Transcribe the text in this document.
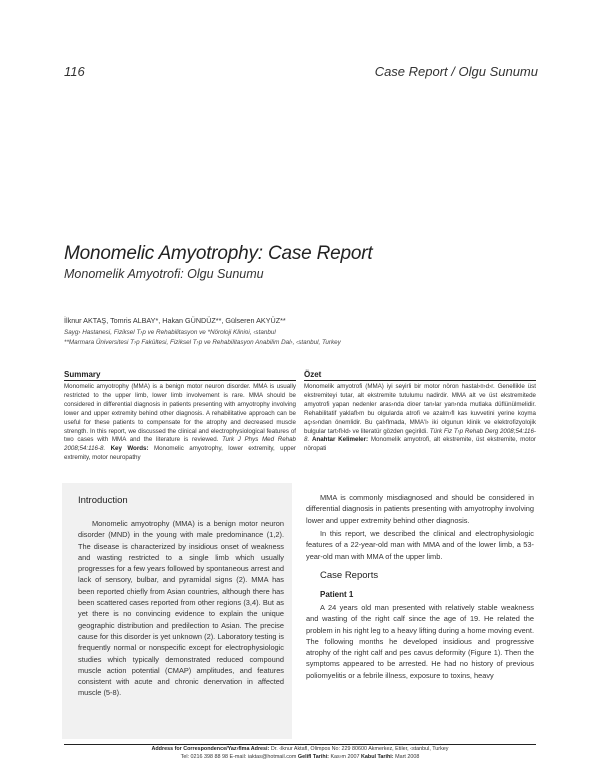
116	Case Report / Olgu Sunumu
Monomelic Amyotrophy: Case Report
Monomelik Amyotrofi: Olgu Sunumu
İlknur AKTAŞ, Tomris ALBAY*, Hakan GÜNDÜZ**, Gülseren AKYÜZ**
Sayg› Hastanesi, Fiziksel T›p ve Rehabilitasyon ve *Nöroloji Klini¤i, ‹stanbul
**Marmara Üniversitesi T›p Fakültesi, Fiziksel T›p ve Rehabilitasyon Anabilim Dal›, ‹stanbul, Turkey
Summary
Monomelic amyotrophy (MMA) is a benign motor neuron disorder. MMA is usually restricted to the upper limb, lower limb involvement is rare. MMA should be considered in differential diagnosis in patients presenting with amyotrophy involving lower and upper extremity behind other diagnosis. A rehabilitative approach can be useful for these patients to compensate for the atrophy and decreased muscle strength. In this report, we discussed the clinical and electrophysiological features of two cases with MMA and the literature is reviewed. Turk J Phys Med Rehab 2008;54:116-8. Key Words: Monomelic amyotrophy, lower extremity, upper extremity, motor neuropathy
Özet
Monomelik amyotrofi (MMA) iyi seyirli bir motor nöron hastal›¤›d›r. Genellikle üst ekstremiteyi tutar, alt ekstremite tutulumu nadirdir. MMA alt ve üst ekstremitede amyotrofi yapan nedenler aras›nda di¤er tan›lar yan›nda mutlaka düflünülmelidir. Rehabilitatif yaklafl›m bu olgularda atrofi ve azalm›fl kas kuvvetini yerine koyma aç›s›ndan önemlidir. Bu çal›flmada, MMA'l› iki olgunun klinik ve elektrofizyolojik bulgular tart›fl›ld› ve literatür gözden geçirildi. Türk Fiz T›p Rehab Derg 2008;54:116-8. Anahtar Kelimeler: Monomelik amyotrofi, alt ekstremite, üst ekstremite, motor nöropati
Introduction
Monomelic amyotrophy (MMA) is a benign motor neuron disorder (MND) in the young with male predominance (1,2). The disease is characterized by insidious onset of weakness and wasting restricted to a single limb which usually progresses for a few years followed by spontaneous arrest and lack of sensory, bulbar, and pyramidal signs (2). MMA has been reported chiefly from Asian countries, although there has been scattered cases reported from other regions (3,4). But as yet there is no convincing evidence to explain the unique geographic distribution and predilection to Asian. The precise cause for this disorder is yet unknown (2). Laboratory testing is frequently normal or nonspecific except for electrophysiologic studies which typically demonstrated reduced compound muscle action potential (CMAP) amplitudes, and features consistent with acute and chronic denervation in affected muscle (5-8).
MMA is commonly misdiagnosed and should be considered in differential diagnosis in patients presenting with amyotrophy involving lower and upper extremity behind other diagnosis.
In this report, we described the clinical and electrophysiologic features of a 22-year-old man with MMA and of the lower limb, a 53-year-old man with MMA of the upper limb.
Case Reports
Patient 1
A 24 years old man presented with relatively stable weakness and wasting of the right calf since the age of 19. He related the problem in his right leg to a heavy lifting during a home moving event. The following months he developed insidious and progressive atrophy of the right calf and pes cavus deformity (Figure 1). Then the symptoms appeared to be arrested. He had no history of previous poliomyelitis or a febrile illness, exposure to toxins, heavy
Address for Correspondence/Yaz›flma Adresi: Dr. ‹lknur Aktafl, Olimpos No: 229 80600 Akmerkez, Etiler, ‹stanbul, Turkey
Tel: 0216 398 88 98 E-mail: iaktas@hotmail.com Gelifl Tarihi: Kas›m 2007 Kabul Tarihi: Mart 2008
